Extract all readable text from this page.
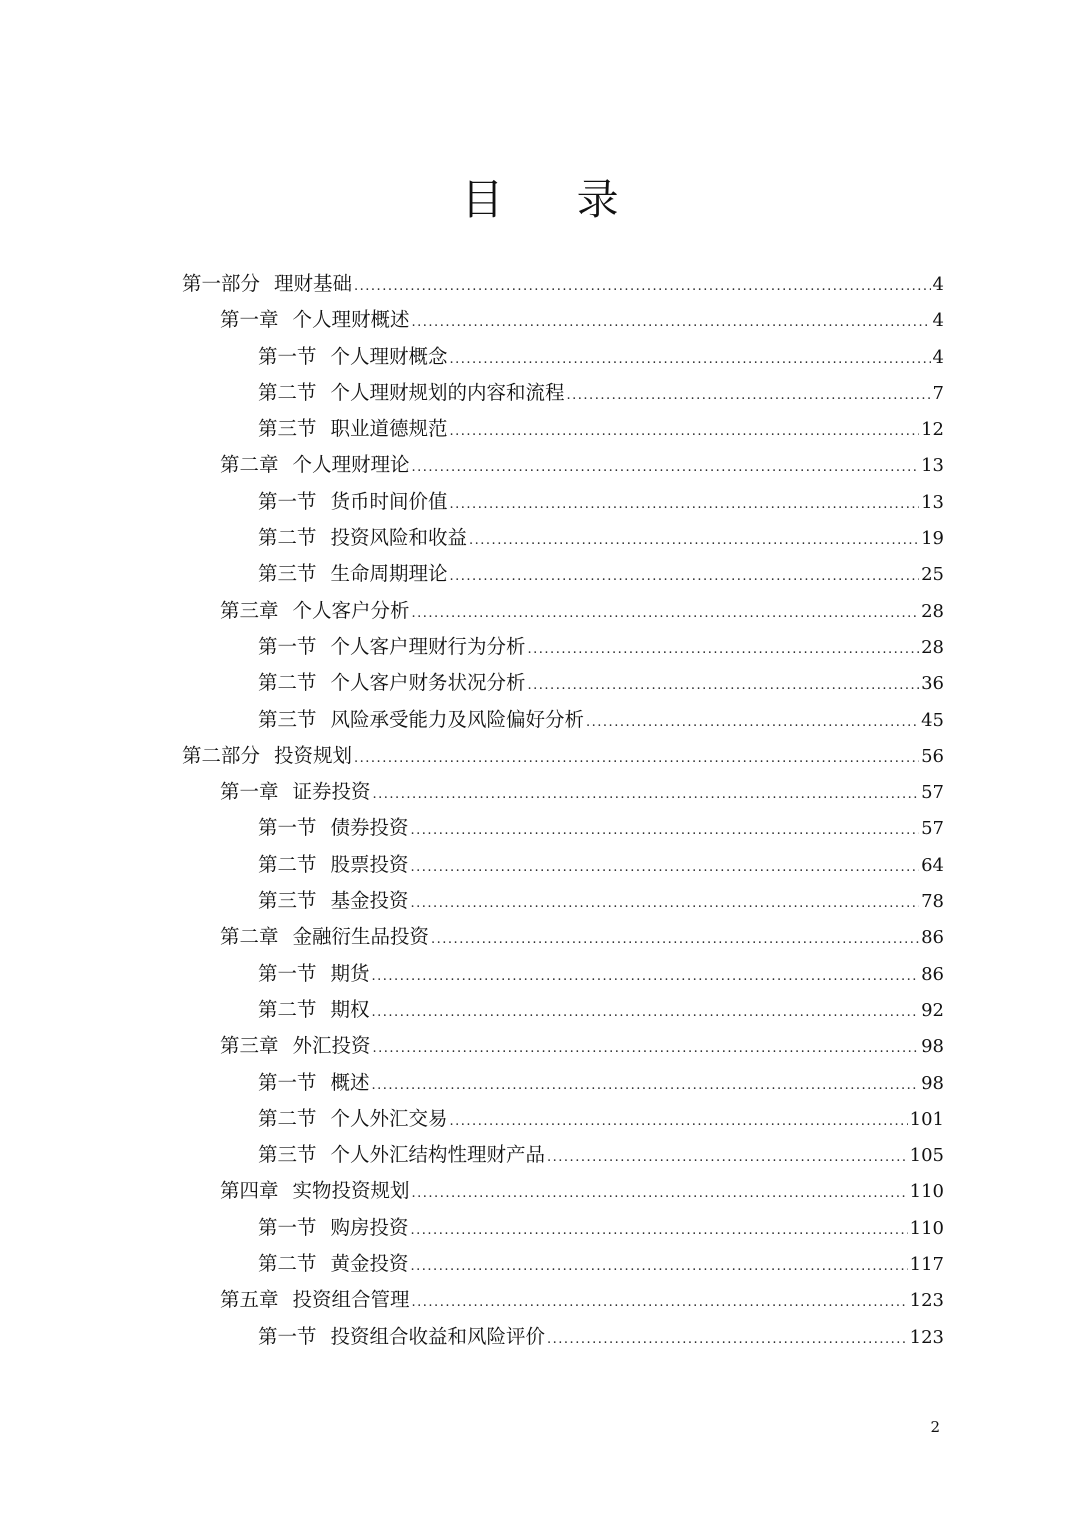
目 录
第一部分 理财基础 .....	4
第一章 个人理财概述 .....	4
第一节 个人理财概念 .....	4
第二节 个人理财规划的内容和流程 .....	7
第三节 职业道德规范 .....	12
第二章 个人理财理论 .....	13
第一节 货币时间价值 .....	13
第二节 投资风险和收益 .....	19
第三节 生命周期理论 .....	25
第三章 个人客户分析 .....	28
第一节 个人客户理财行为分析 .....	28
第二节 个人客户财务状况分析 .....	36
第三节 风险承受能力及风险偏好分析 .....	45
第二部分 投资规划 .....	56
第一章 证券投资 .....	57
第一节 债券投资 .....	57
第二节 股票投资 .....	64
第三节 基金投资 .....	78
第二章 金融衍生品投资 .....	86
第一节 期货 .....	86
第二节 期权 .....	92
第三章 外汇投资 .....	98
第一节 概述 .....	98
第二节 个人外汇交易 .....	101
第三节 个人外汇结构性理财产品 .....	105
第四章 实物投资规划 .....	110
第一节 购房投资 .....	110
第二节 黄金投资 .....	117
第五章 投资组合管理 .....	123
第一节 投资组合收益和风险评价 .....	123
2
